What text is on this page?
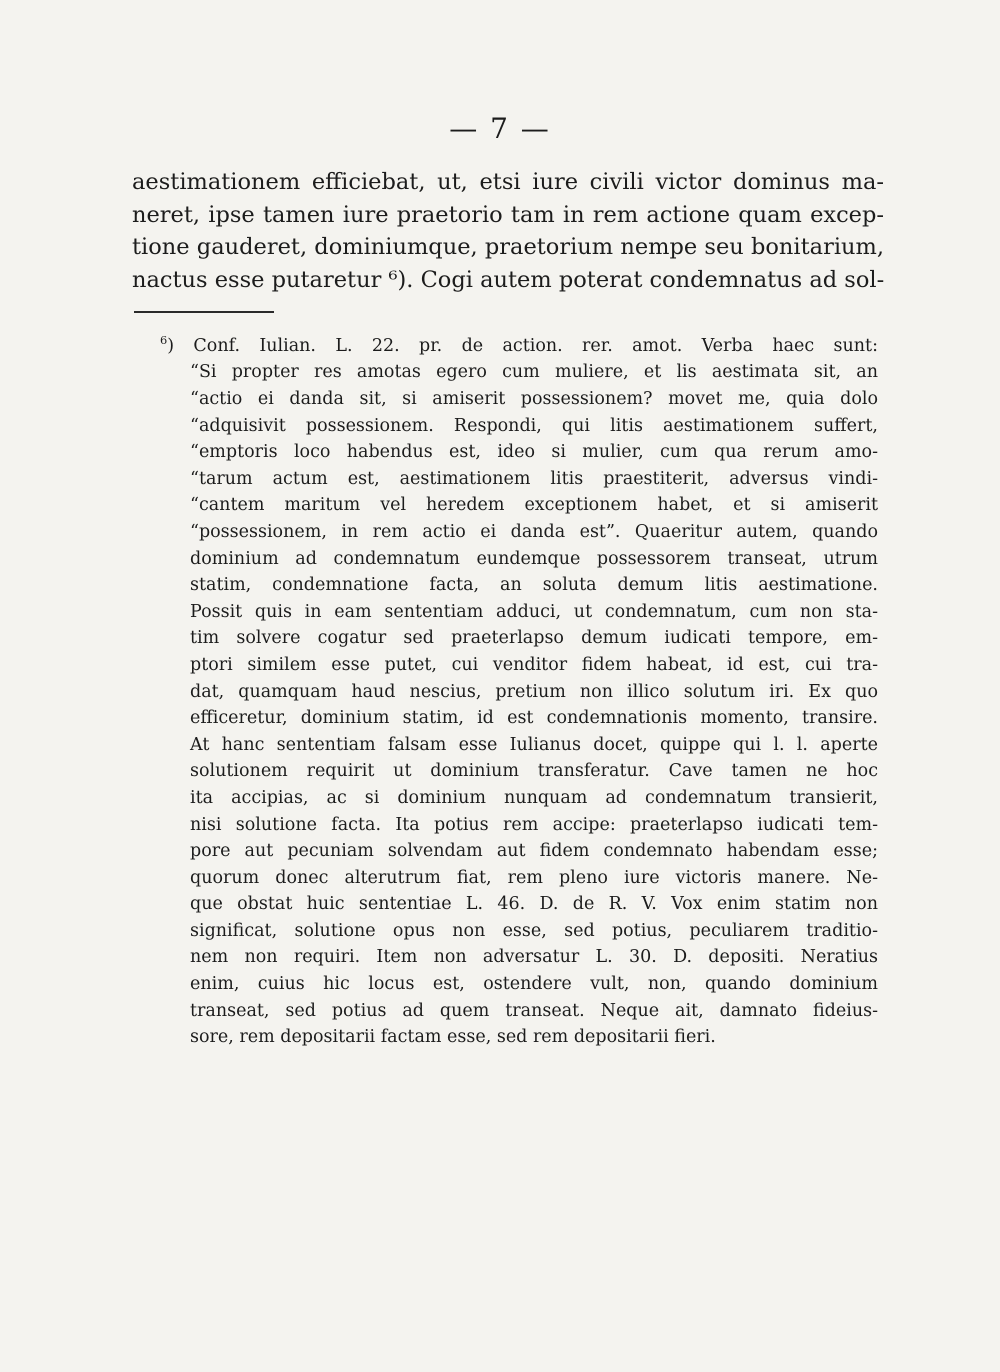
— 7 —
aestimationem efficiebat, ut, etsi iure civili victor dominus ma-
neret, ipse tamen iure praetorio tam in rem actione quam excep-
tione gauderet, dominiumque, praetorium nempe seu bonitarium,
nactus esse putaretur ⁶). Cogi autem poterat condemnatus ad sol-
$^6$) Conf. Iulian. L. 22. pr. de action. rer. amot. Verba haec sunt:
“Si propter res amotas egero cum muliere, et lis aestimata sit, an
“actio ei danda sit, si amiserit possessionem? movet me, quia dolo
“adquisivit possessionem. Respondi, qui litis aestimationem suffert,
“emptoris loco habendus est, ideo si mulier, cum qua rerum amo-
“tarum actum est, aestimationem litis praestiterit, adversus vindi-
“cantem maritum vel heredem exceptionem habet, et si amiserit
“possessionem, in rem actio ei danda est”. Quaeritur autem, quando
dominium ad condemnatum eundemque possessorem transeat, utrum
statim, condemnatione facta, an soluta demum litis aestimatione.
Possit quis in eam sententiam adduci, ut condemnatum, cum non sta-
tim solvere cogatur sed praeterlapso demum iudicati tempore, em-
ptori similem esse putet, cui venditor fidem habeat, id est, cui tra-
dat, quamquam haud nescius, pretium non illico solutum iri. Ex quo
efficeretur, dominium statim, id est condemnationis momento, transire.
At hanc sententiam falsam esse Iulianus docet, quippe qui l. l. aperte
solutionem requirit ut dominium transferatur. Cave tamen ne hoc
ita accipias, ac si dominium nunquam ad condemnatum transierit,
nisi solutione facta. Ita potius rem accipe: praeterlapso iudicati tem-
pore aut pecuniam solvendam aut fidem condemnato habendam esse;
quorum donec alterutrum fiat, rem pleno iure victoris manere. Ne-
que obstat huic sententiae L. 46. D. de R. V. Vox enim statim non
significat, solutione opus non esse, sed potius, peculiarem traditio-
nem non requiri. Item non adversatur L. 30. D. depositi. Neratius
enim, cuius hic locus est, ostendere vult, non, quando dominium
transeat, sed potius ad quem transeat. Neque ait, damnato fideius-
sore, rem depositarii factam esse, sed rem depositarii fieri.
